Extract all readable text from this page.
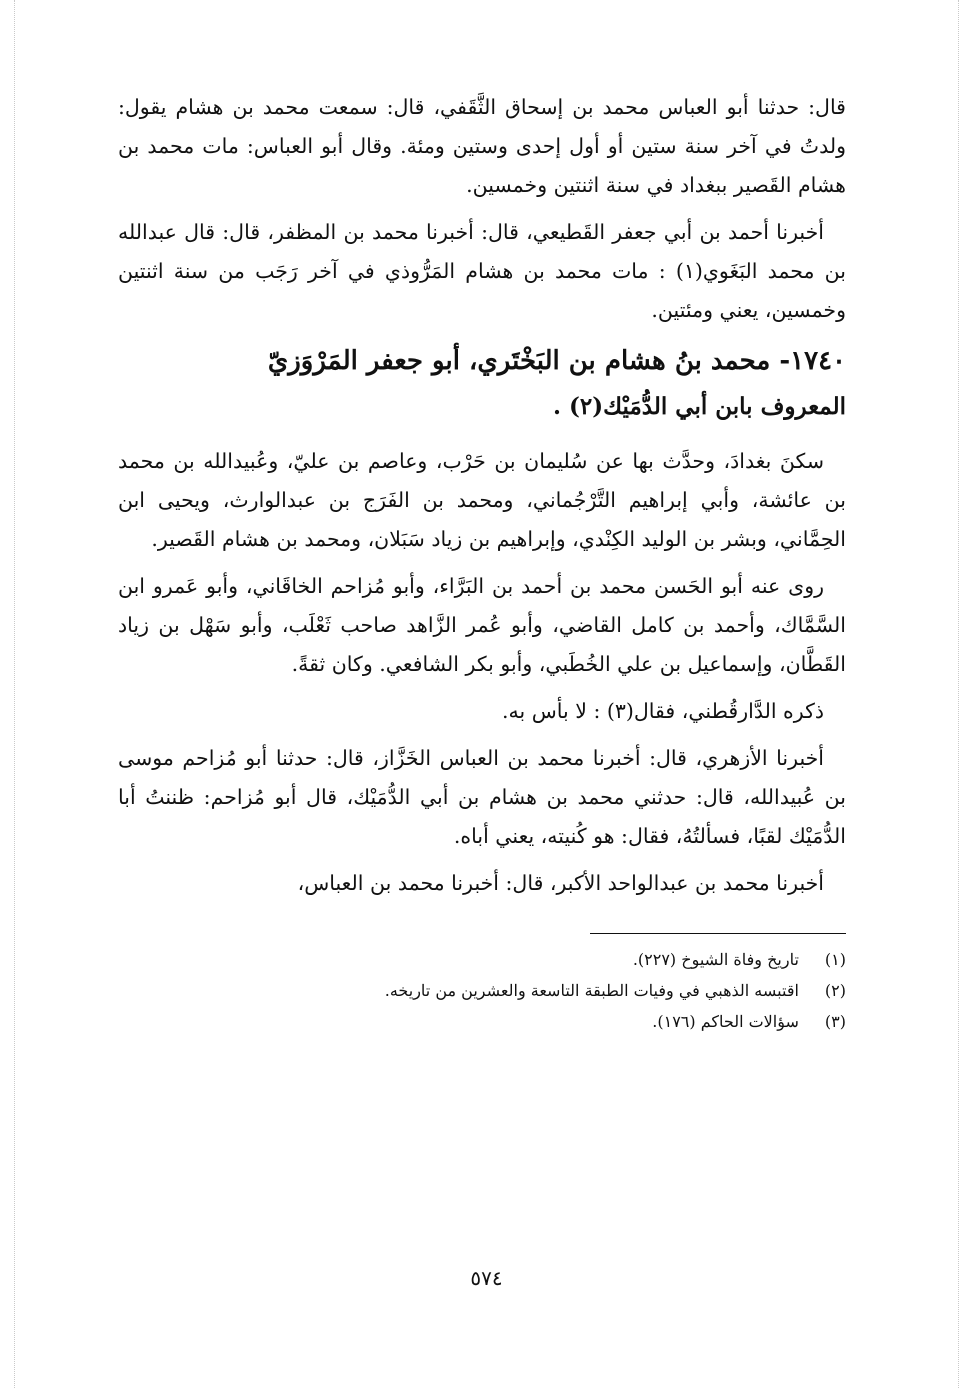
قال: حدثنا أبو العباس محمد بن إسحاق الثَّقَفي، قال: سمعت محمد بن هشام يقول: ولدتُ في آخر سنة ستين أو أول إحدى وستين ومئة. وقال أبو العباس: مات محمد بن هشام القَصير ببغداد في سنة اثنتين وخمسين.

أخبرنا أحمد بن أبي جعفر القَطيعي، قال: أخبرنا محمد بن المظفر، قال: قال عبدالله بن محمد البَغَوي(١) : مات محمد بن هشام المَرُّوذي في آخر رَجَب من سنة اثنتين وخمسين، يعني ومئتين.

١٧٤٠- محمد بنُ هشام بن البَخْتَري، أبو جعفر المَرْوَزيّ
المعروف بابن أبي الدُّمَيْك(٢) .

سكنَ بغدادَ، وحدَّث بها عن سُليمان بن حَرْب، وعاصم بن عليّ، وعُبيدالله بن محمد بن عائشة، وأبي إبراهيم التَّرْجُماني، ومحمد بن الفَرَج بن عبدالوارث، ويحيى ابن الحِمَّاني، وبشر بن الوليد الكِنْدي، وإبراهيم بن زياد سَبَلان، ومحمد بن هشام القَصير.

روى عنه أبو الحَسن محمد بن أحمد بن البَرَّاء، وأبو مُزاحم الخاقَاني، وأبو عَمرو ابن السَّمَّاك، وأحمد بن كامل القاضي، وأبو عُمر الزَّاهد صاحب ثَعْلَب، وأبو سَهْل بن زياد القَطَّان، وإسماعيل بن علي الخُطَبي، وأبو بكر الشافعي. وكان ثقةً.

ذكره الدَّارقُطني، فقال(٣) : لا بأس به.

أخبرنا الأزهري، قال: أخبرنا محمد بن العباس الخَزَّاز، قال: حدثنا أبو مُزاحم موسى بن عُبيدالله، قال: حدثني محمد بن هشام بن أبي الدُّمَيْك، قال أبو مُزاحم: ظننتُ أبا الدُّمَيْك لقبًا، فسألتُهُ، فقال: هو كُنيته، يعني أباه.

أخبرنا محمد بن عبدالواحد الأكبر، قال: أخبرنا محمد بن العباس،

(١) تاريخ وفاة الشيوخ (٢٢٧).

(٢) اقتبسه الذهبي في وفيات الطبقة التاسعة والعشرين من تاريخه.

(٣) سؤالات الحاكم (١٧٦).

٥٧٤
